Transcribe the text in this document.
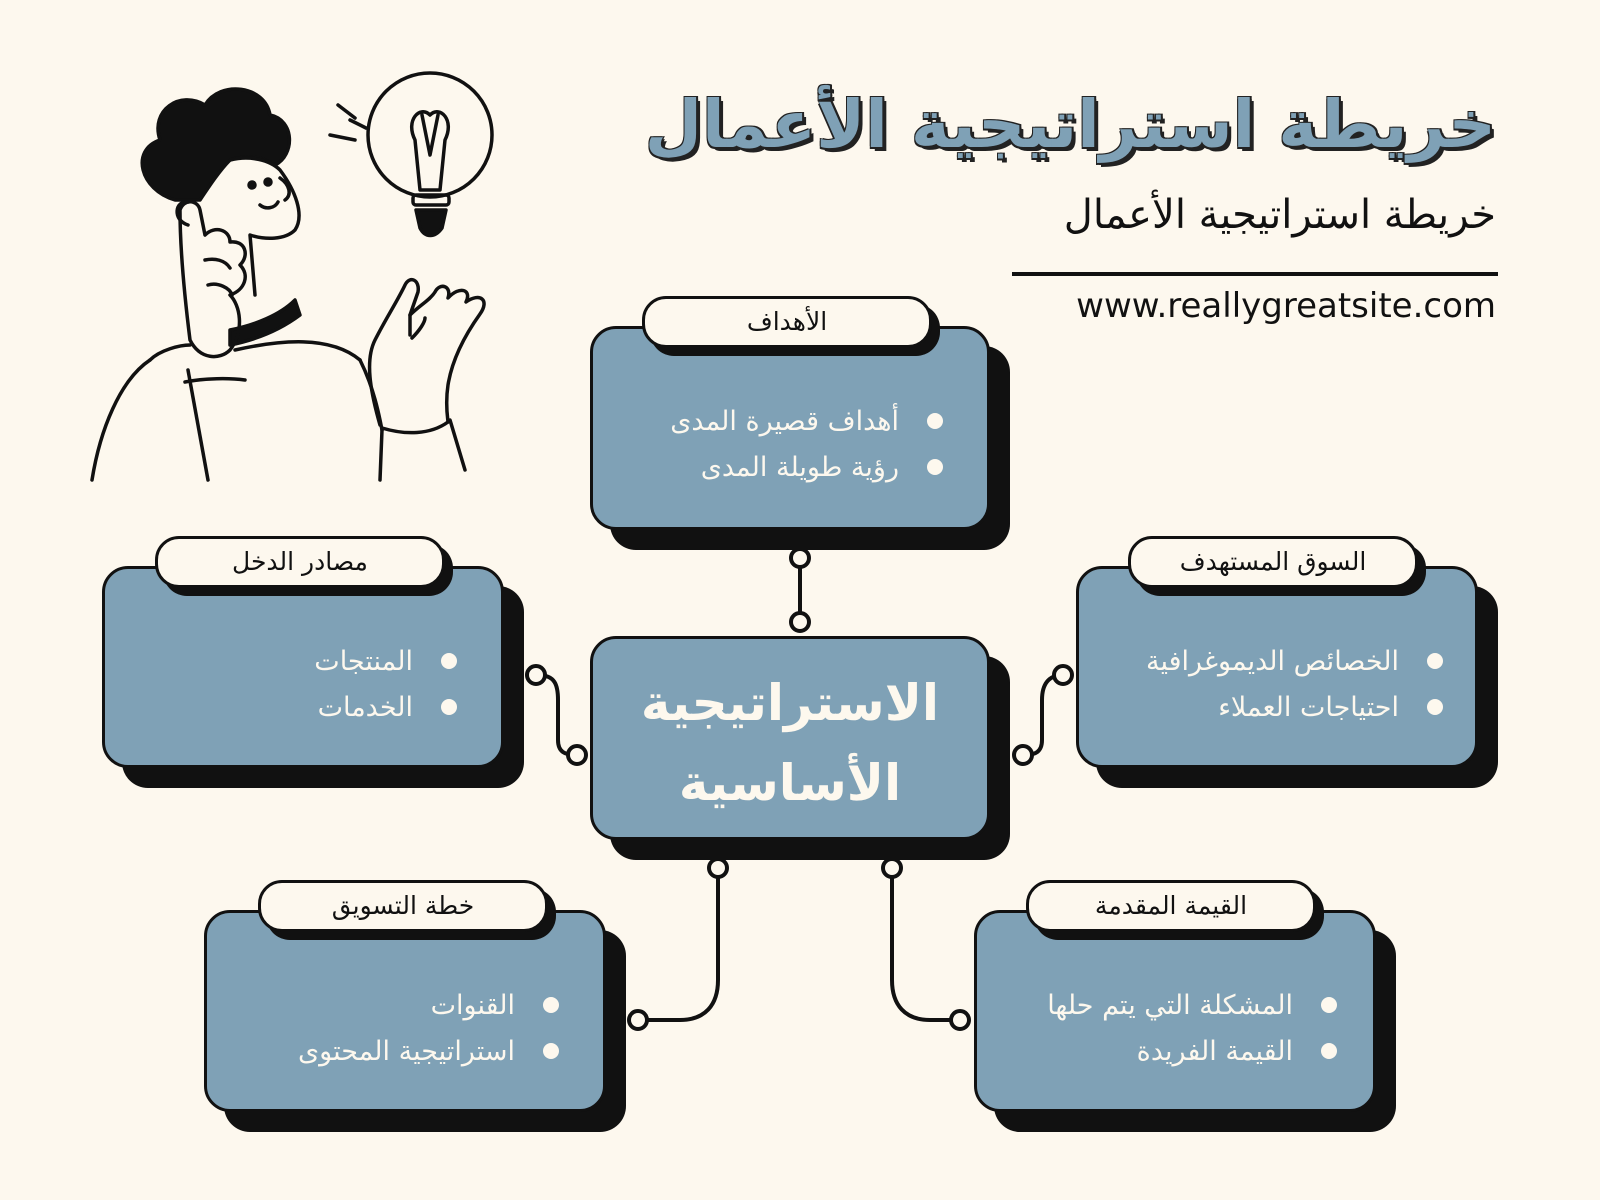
خريطة استراتيجية الأعمال
خريطة استراتيجية الأعمال
www.reallygreatsite.com
أهداف قصيرة المدى
رؤية طويلة المدى
الأهداف
المنتجات
الخدمات
مصادر الدخل
الاستراتيجية
الأساسية
الخصائص الديموغرافية
احتياجات العملاء
السوق المستهدف
القنوات
استراتيجية المحتوى
خطة التسويق
المشكلة التي يتم حلها
القيمة الفريدة
القيمة المقدمة
